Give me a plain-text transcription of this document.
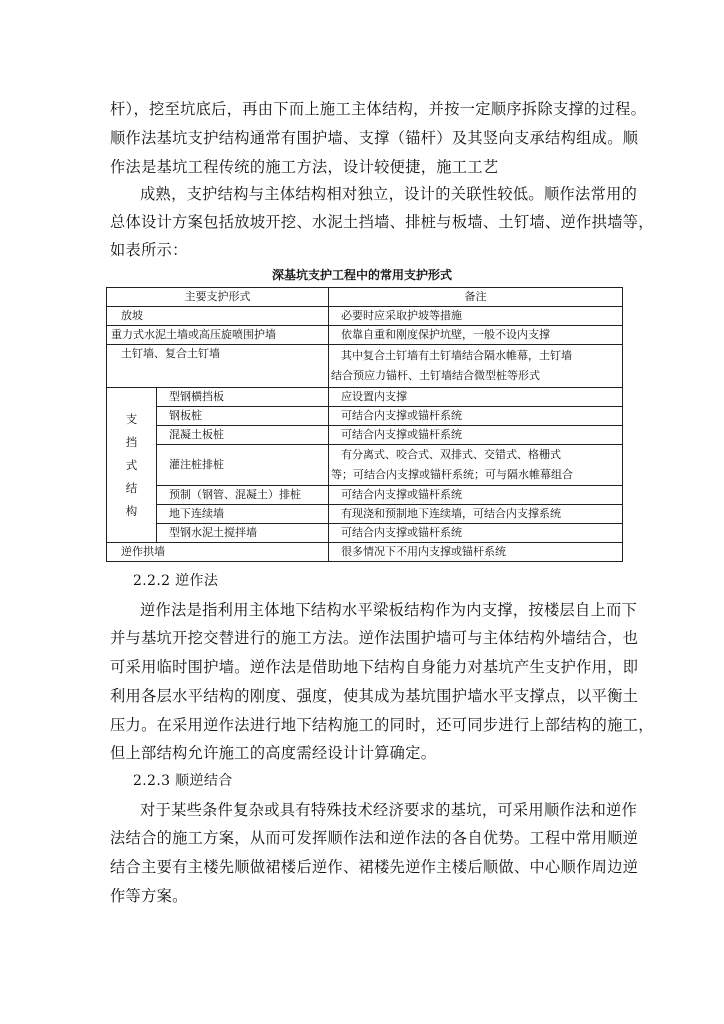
杆），挖至坑底后，再由下而上施工主体结构，并按一定顺序拆除支撑的过程。
顺作法基坑支护结构通常有围护墙、支撑（锚杆）及其竖向支承结构组成。顺
作法是基坑工程传统的施工方法，设计较便捷，施工工艺
成熟，支护结构与主体结构相对独立，设计的关联性较低。顺作法常用的
总体设计方案包括放坡开挖、水泥土挡墙、排桩与板墙、土钉墙、逆作拱墙等，
如表所示：
深基坑支护工程中的常用支护形式
主要支护形式		备注
放坡		必要时应采取护坡等措施
重力式水泥土墙或高压旋喷围护墙		依靠自重和刚度保护坑壁，一般不设内支撑
土钉墙、复合土钉墙		其中复合土钉墙有土钉墙结合隔水帷幕，土钉墙
结合预应力锚杆、土钉墙结合微型桩等形式

支挡式结构	型钢横挡板	应设置内支撑
	钢板桩	可结合内支撑或锚杆系统
	混凝土板桩	可结合内支撑或锚杆系统
	灌注桩排桩	有分离式、咬合式、双排式、交错式、格栅式
等；可结合内支撑或锚杆系统；可与隔水帷幕组合

	预制（钢管、混凝土）排桩	可结合内支撑或锚杆系统
	地下连续墙	有现浇和预制地下连续墙，可结合内支撑系统
	型钢水泥土搅拌墙	可结合内支撑或锚杆系统
逆作拱墙		很多情况下不用内支撑或锚杆系统
2.2.2 逆作法
逆作法是指利用主体地下结构水平梁板结构作为内支撑，按楼层自上而下
并与基坑开挖交替进行的施工方法。逆作法围护墙可与主体结构外墙结合，也
可采用临时围护墙。逆作法是借助地下结构自身能力对基坑产生支护作用，即
利用各层水平结构的刚度、强度，使其成为基坑围护墙水平支撑点，以平衡土
压力。在采用逆作法进行地下结构施工的同时，还可同步进行上部结构的施工，
但上部结构允许施工的高度需经设计计算确定。
2.2.3 顺逆结合
对于某些条件复杂或具有特殊技术经济要求的基坑，可采用顺作法和逆作
法结合的施工方案，从而可发挥顺作法和逆作法的各自优势。工程中常用顺逆
结合主要有主楼先顺做裙楼后逆作、裙楼先逆作主楼后顺做、中心顺作周边逆
作等方案。
